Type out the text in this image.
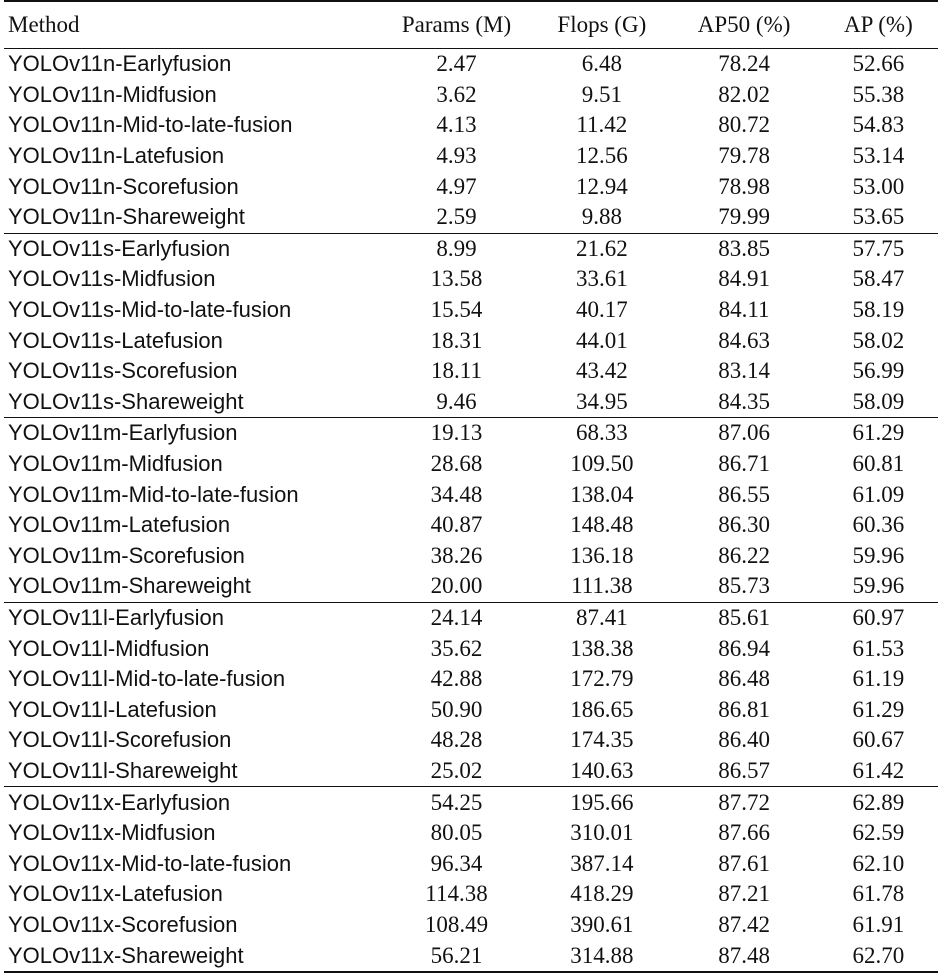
Method	Params (M)	Flops (G)	AP50 (%)	AP (%)
YOLOv11n-Earlyfusion	2.47	6.48	78.24	52.66
YOLOv11n-Midfusion	3.62	9.51	82.02	55.38
YOLOv11n-Mid-to-late-fusion	4.13	11.42	80.72	54.83
YOLOv11n-Latefusion	4.93	12.56	79.78	53.14
YOLOv11n-Scorefusion	4.97	12.94	78.98	53.00
YOLOv11n-Shareweight	2.59	9.88	79.99	53.65
YOLOv11s-Earlyfusion	8.99	21.62	83.85	57.75
YOLOv11s-Midfusion	13.58	33.61	84.91	58.47
YOLOv11s-Mid-to-late-fusion	15.54	40.17	84.11	58.19
YOLOv11s-Latefusion	18.31	44.01	84.63	58.02
YOLOv11s-Scorefusion	18.11	43.42	83.14	56.99
YOLOv11s-Shareweight	9.46	34.95	84.35	58.09
YOLOv11m-Earlyfusion	19.13	68.33	87.06	61.29
YOLOv11m-Midfusion	28.68	109.50	86.71	60.81
YOLOv11m-Mid-to-late-fusion	34.48	138.04	86.55	61.09
YOLOv11m-Latefusion	40.87	148.48	86.30	60.36
YOLOv11m-Scorefusion	38.26	136.18	86.22	59.96
YOLOv11m-Shareweight	20.00	111.38	85.73	59.96
YOLOv11l-Earlyfusion	24.14	87.41	85.61	60.97
YOLOv11l-Midfusion	35.62	138.38	86.94	61.53
YOLOv11l-Mid-to-late-fusion	42.88	172.79	86.48	61.19
YOLOv11l-Latefusion	50.90	186.65	86.81	61.29
YOLOv11l-Scorefusion	48.28	174.35	86.40	60.67
YOLOv11l-Shareweight	25.02	140.63	86.57	61.42
YOLOv11x-Earlyfusion	54.25	195.66	87.72	62.89
YOLOv11x-Midfusion	80.05	310.01	87.66	62.59
YOLOv11x-Mid-to-late-fusion	96.34	387.14	87.61	62.10
YOLOv11x-Latefusion	114.38	418.29	87.21	61.78
YOLOv11x-Scorefusion	108.49	390.61	87.42	61.91
YOLOv11x-Shareweight	56.21	314.88	87.48	62.70
